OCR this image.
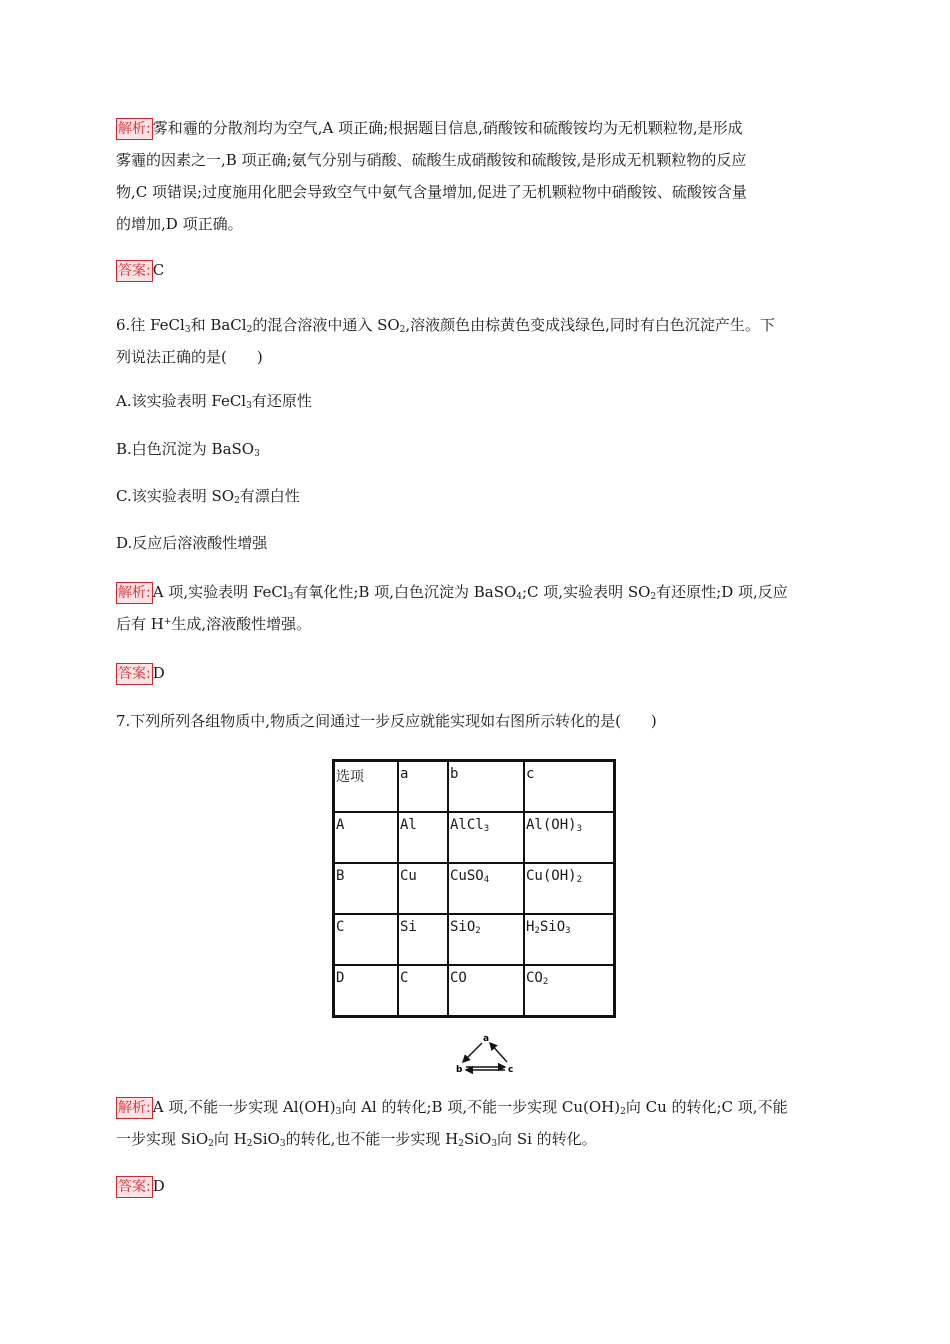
解析: 雾和霾的分散剂均为空气,A 项正确;根据题目信息,硝酸铵和硫酸铵均为无机颗粒物,是形成
雾霾的因素之一,B 项正确;氨气分别与硝酸、硫酸生成硝酸铵和硫酸铵,是形成无机颗粒物的反应
物,C 项错误;过度施用化肥会导致空气中氨气含量增加,促进了无机颗粒物中硝酸铵、硫酸铵含量
的增加,D 项正确。

答案: C

6.往 FeCl$_3$和 BaCl$_2$的混合溶液中通入 $SO_2$,溶液颜色由棕黄色变成浅绿色,同时有白色沉淀产生。下
列说法正确的是(　　)

A.该实验表明 FeCl$_3$有还原性

B.白色沉淀为 BaSO$_3$

C.该实验表明 $SO_2$有漂白性

D.反应后溶液酸性增强

解析: A 项,实验表明 FeCl$_3$有氧化性;B 项,白色沉淀为 BaSO$_4$;C 项,实验表明 $SO_2$有还原性;D 项,反应
后有 H+生成,溶液酸性增强。

答案: D

7.下列所列各组物质中,物质之间通过一步反应就能实现如右图所示转化的是(　　)

选项	a	b	c
A	Al	AlCl$_3$	$Al(OH)_3$
B	Cu	CuSO$_4$	$Cu(OH)_2$
C	Si	SiO$_2$	$H_2SiO_3$
D	C	CO	$CO_2$
a
b	c

解析: A 项,不能一步实现 $Al(OH)_3$向 Al 的转化;B 项,不能一步实现 $Cu(OH)_2$向 Cu 的转化;C 项,不能
一步实现 SiO$_2$向 $H_2SiO_3$的转化,也不能一步实现 $H_2SiO_3$向 Si 的转化。

答案: D
